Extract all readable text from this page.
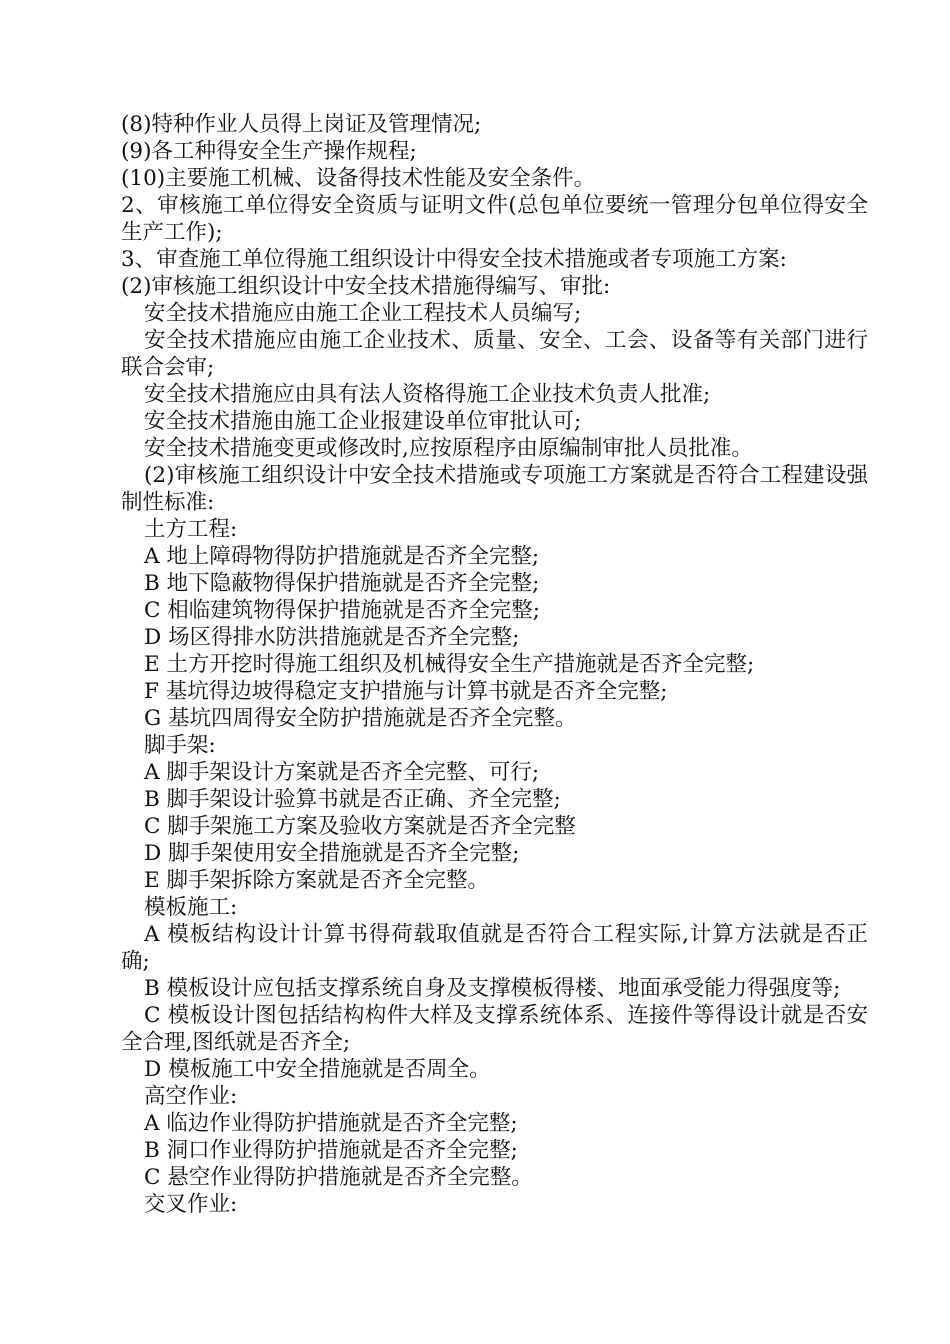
(8)特种作业人员得上岗证及管理情况;

(9)各工种得安全生产操作规程;

(10)主要施工机械、设备得技术性能及安全条件。

2、审核施工单位得安全资质与证明文件(总包单位要统一管理分包单位得安全生产工作);

3、审查施工单位得施工组织设计中得安全技术措施或者专项施工方案:

(2)审核施工组织设计中安全技术措施得编写、审批:

安全技术措施应由施工企业工程技术人员编写;

安全技术措施应由施工企业技术、质量、安全、工会、设备等有关部门进行联合会审;

安全技术措施应由具有法人资格得施工企业技术负责人批准;

安全技术措施由施工企业报建设单位审批认可;

安全技术措施变更或修改时,应按原程序由原编制审批人员批准。

(2)审核施工组织设计中安全技术措施或专项施工方案就是否符合工程建设强制性标准:

土方工程:

A 地上障碍物得防护措施就是否齐全完整;

B 地下隐蔽物得保护措施就是否齐全完整;

C 相临建筑物得保护措施就是否齐全完整;

D 场区得排水防洪措施就是否齐全完整;

E 土方开挖时得施工组织及机械得安全生产措施就是否齐全完整;

F 基坑得边坡得稳定支护措施与计算书就是否齐全完整;

G 基坑四周得安全防护措施就是否齐全完整。

脚手架:

A 脚手架设计方案就是否齐全完整、可行;

B 脚手架设计验算书就是否正确、齐全完整;

C 脚手架施工方案及验收方案就是否齐全完整

D 脚手架使用安全措施就是否齐全完整;

E 脚手架拆除方案就是否齐全完整。

模板施工:

A 模板结构设计计算书得荷载取值就是否符合工程实际,计算方法就是否正确;

B 模板设计应包括支撑系统自身及支撑模板得楼、地面承受能力得强度等;

C 模板设计图包括结构构件大样及支撑系统体系、连接件等得设计就是否安全合理,图纸就是否齐全;

D 模板施工中安全措施就是否周全。

高空作业:

A 临边作业得防护措施就是否齐全完整;

B 洞口作业得防护措施就是否齐全完整;

C 悬空作业得防护措施就是否齐全完整。

交叉作业:
